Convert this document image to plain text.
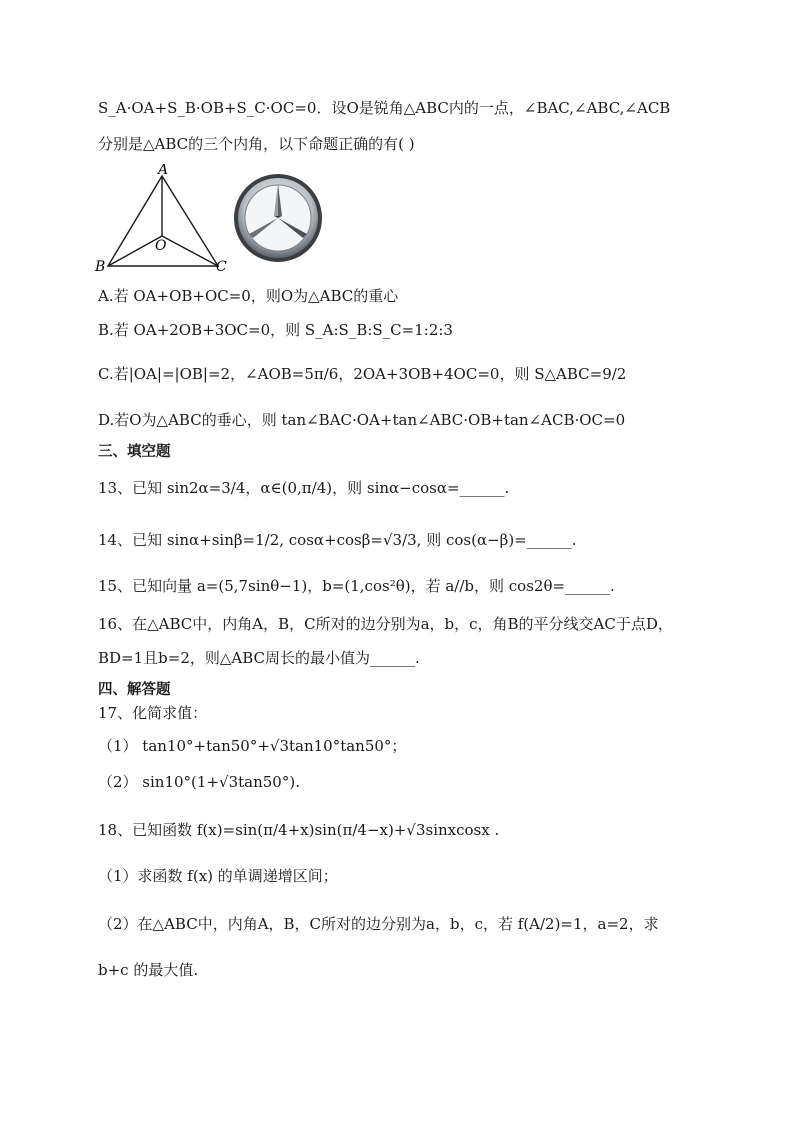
S_A·OA+S_B·OB+S_C·OC=0．设O是锐角△ABC内的一点，∠BAC,∠ABC,∠ACB
分别是△ABC的三个内角，以下命题正确的有( )
A
O
B	C
A.若 OA+OB+OC=0，则O为△ABC的重心
B.若 OA+2OB+3OC=0，则 S_A:S_B:S_C=1:2:3
C.若|OA|=|OB|=2，∠AOB=5π/6，2OA+3OB+4OC=0，则 S△ABC=9/2
D.若O为△ABC的垂心，则 tan∠BAC·OA+tan∠ABC·OB+tan∠ACB·OC=0
三、填空题
13、已知 sin2α=3/4，α∈(0,π/4)，则 sinα−cosα=______.
14、已知 sinα+sinβ=1/2, cosα+cosβ=√3/3, 则 cos(α−β)=______.
15、已知向量 a=(5,7sinθ−1)，b=(1,cos²θ)，若 a//b，则 cos2θ=______.
16、在△ABC中，内角A，B，C所对的边分别为a，b，c，角B的平分线交AC于点D，
BD=1且b=2，则△ABC周长的最小值为______.
四、解答题
17、化简求值：
（1） tan10°+tan50°+√3tan10°tan50°；
（2） sin10°(1+√3tan50°).
18、已知函数 f(x)=sin(π/4+x)sin(π/4−x)+√3sinxcosx .
（1）求函数 f(x) 的单调递增区间；
（2）在△ABC中，内角A，B，C所对的边分别为a，b，c，若 f(A/2)=1，a=2，求
b+c 的最大值.
